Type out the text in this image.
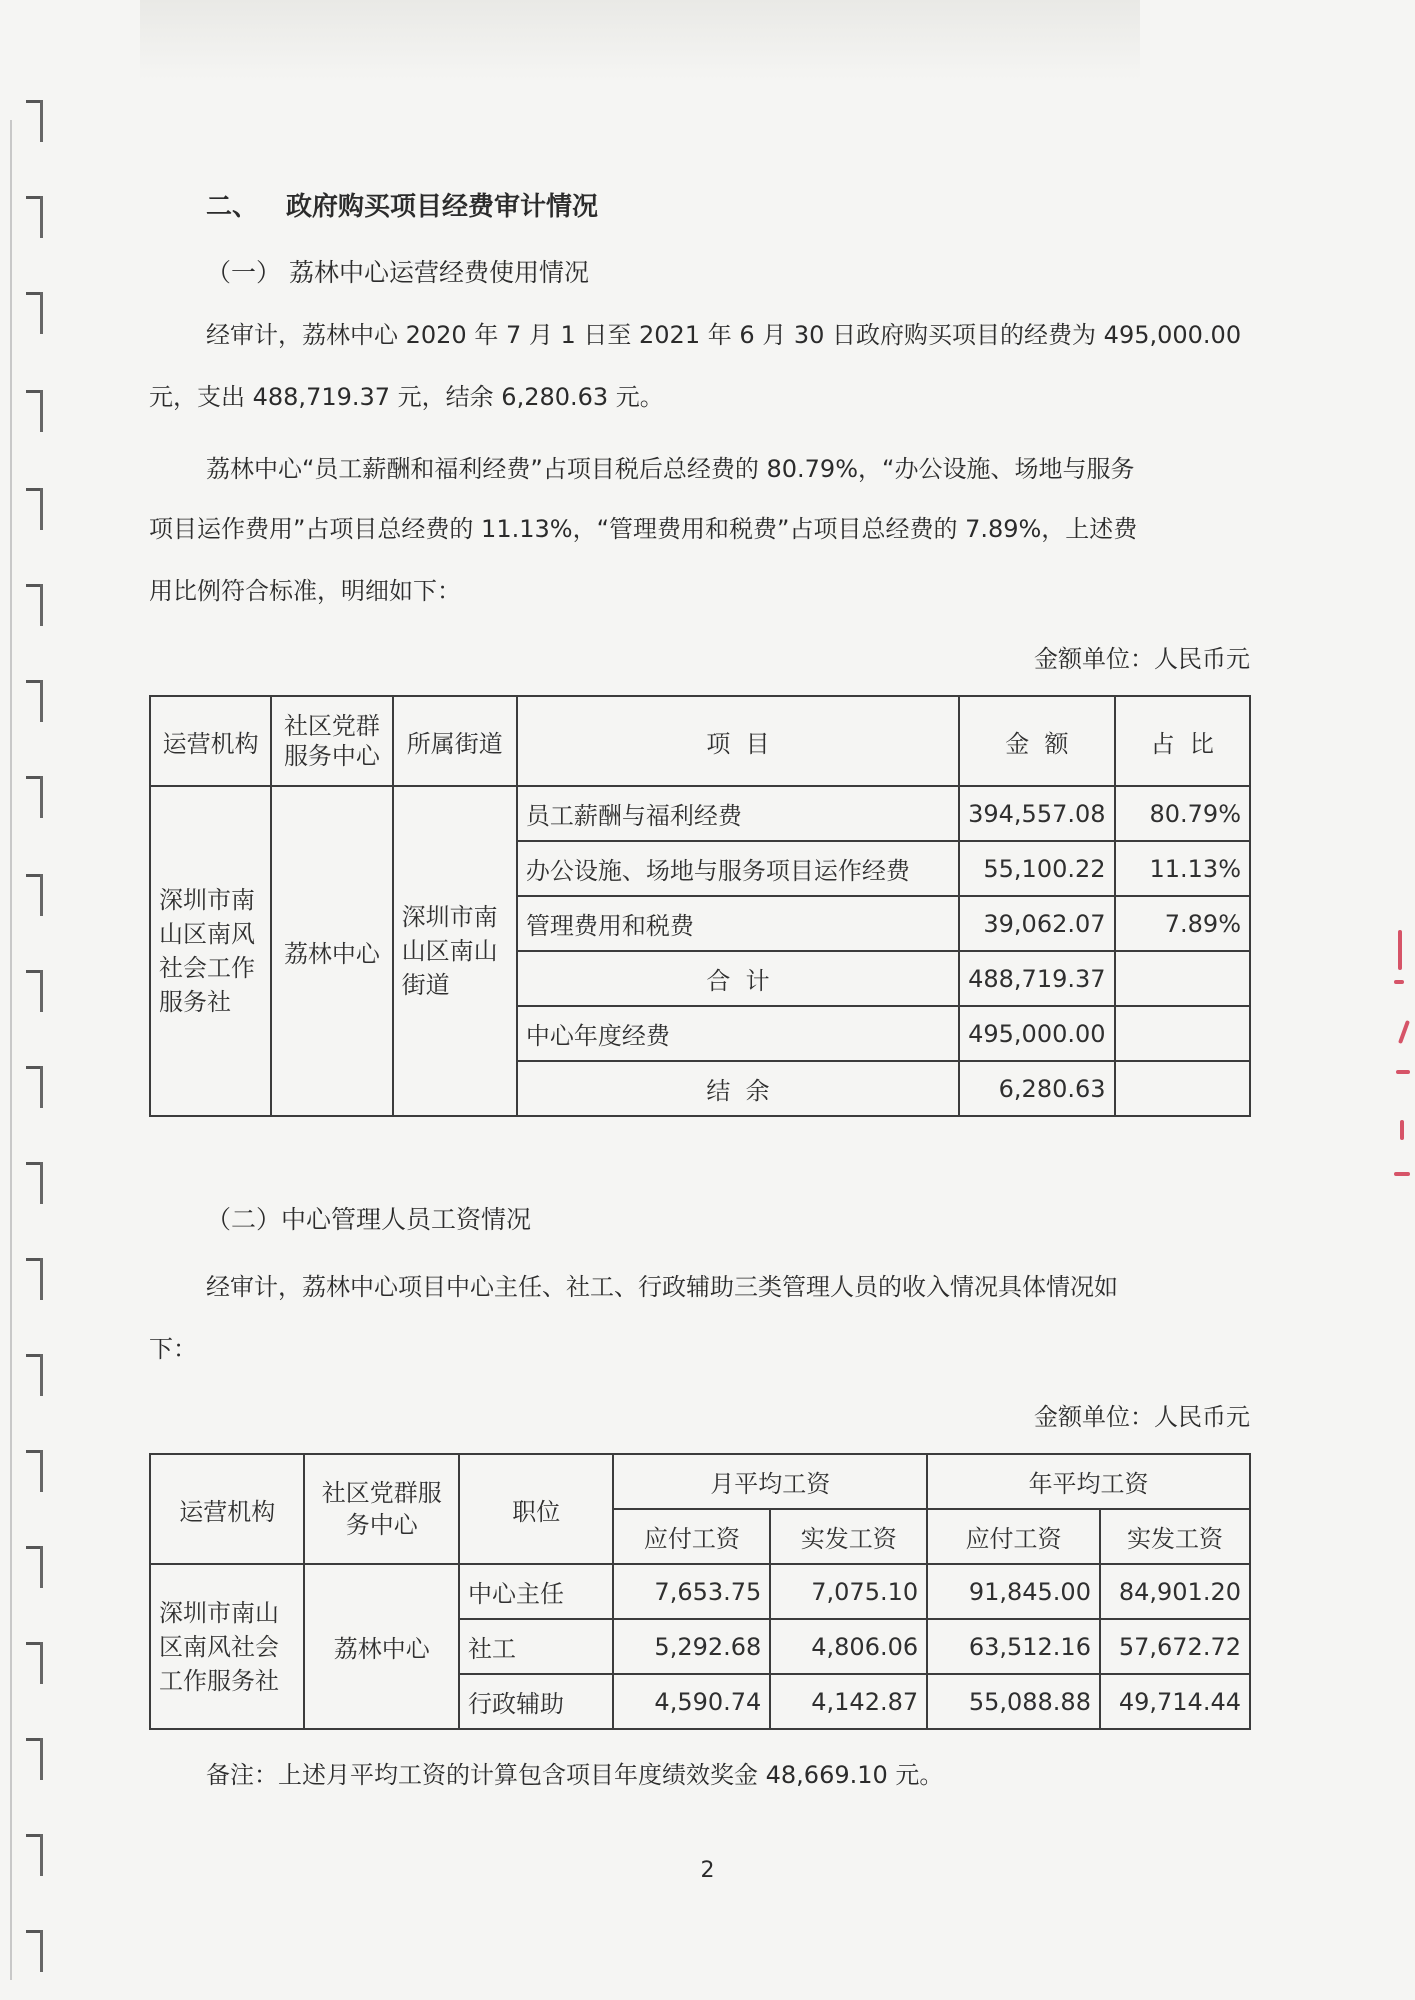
二、 政府购买项目经费审计情况
（一） 荔林中心运营经费使用情况
经审计，荔林中心 2020 年 7 月 1 日至 2021 年 6 月 30 日政府购买项目的经费为 495,000.00
元，支出 488,719.37 元，结余 6,280.63 元。
荔林中心“员工薪酬和福利经费”占项目税后总经费的 80.79%，“办公设施、场地与服务
项目运作费用”占项目总经费的 11.13%，“管理费用和税费”占项目总经费的 7.89%，上述费
用比例符合标准，明细如下：
金额单位：人民币元
运营机构	社区党群服务中心	所属街道	项  目	金  额	占  比
深圳市南山区南风社会工作服务社	荔林中心	深圳市南山区南山街道	员工薪酬与福利经费	394,557.08	80.79%
			办公设施、场地与服务项目运作经费	55,100.22	11.13%
			管理费用和税费	39,062.07	7.89%
			合  计	488,719.37	
			中心年度经费	495,000.00	
			结  余	6,280.63	
（二）中心管理人员工资情况
经审计，荔林中心项目中心主任、社工、行政辅助三类管理人员的收入情况具体情况如
下：
金额单位：人民币元
运营机构	社区党群服务中心	职位	月平均工资		年平均工资	
			应付工资	实发工资	应付工资	实发工资
深圳市南山区南风社会工作服务社	荔林中心	中心主任	7,653.75	7,075.10	91,845.00	84,901.20
		社工	5,292.68	4,806.06	63,512.16	57,672.72
		行政辅助	4,590.74	4,142.87	55,088.88	49,714.44
备注：上述月平均工资的计算包含项目年度绩效奖金 48,669.10 元。
2
